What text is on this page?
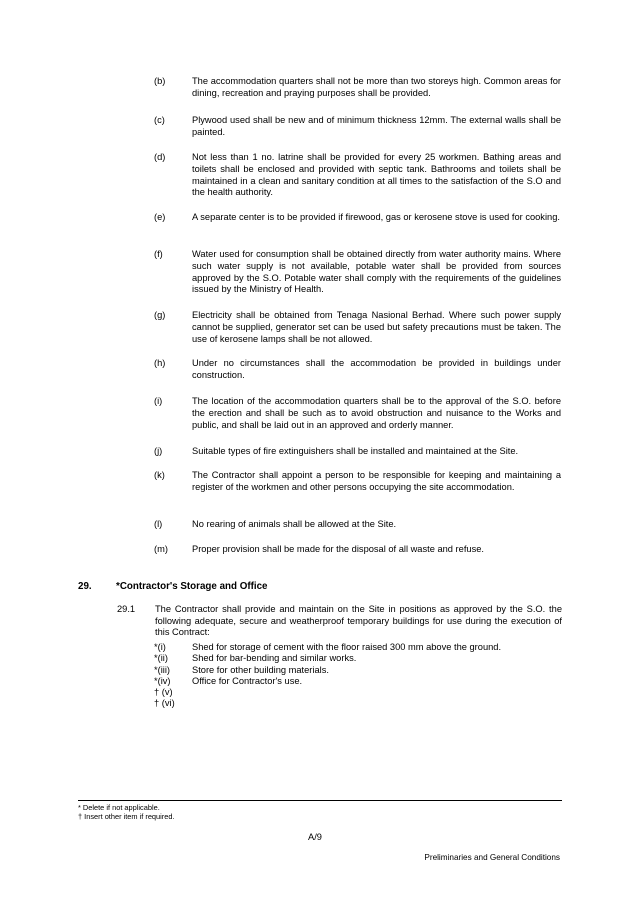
(b)	The accommodation quarters shall not be more than two storeys high. Common areas for dining, recreation and praying purposes shall be provided.
(c)	Plywood used shall be new and of minimum thickness 12mm. The external walls shall be painted.
(d)	Not less than 1 no. latrine shall be provided for every 25 workmen. Bathing areas and toilets shall be enclosed and provided with septic tank. Bathrooms and toilets shall be maintained in a clean and sanitary condition at all times to the satisfaction of the S.O and the health authority.
(e)	A separate center is to be provided if firewood, gas or kerosene stove is used for cooking.
(f)	Water used for consumption shall be obtained directly from water authority mains. Where such water supply is not available, potable water shall be provided from sources approved by the S.O. Potable water shall comply with the requirements of the guidelines issued by the Ministry of Health.
(g)	Electricity shall be obtained from Tenaga Nasional Berhad. Where such power supply cannot be supplied, generator set can be used but safety precautions must be taken. The use of kerosene lamps shall be not allowed.
(h)	Under no circumstances shall the accommodation be provided in buildings under construction.
(i)	The location of the accommodation quarters shall be to the approval of the S.O. before the erection and shall be such as to avoid obstruction and nuisance to the Works and public, and shall be laid out in an approved and orderly manner.
(j)	Suitable types of fire extinguishers shall be installed and maintained at the Site.
(k)	The Contractor shall appoint a person to be responsible for keeping and maintaining a register of the workmen and other persons occupying the site accommodation.
(l)	No rearing of animals shall be allowed at the Site.
(m)	Proper provision shall be made for the disposal of all waste and refuse.
29. *Contractor's Storage and Office
29.1 The Contractor shall provide and maintain on the Site in positions as approved by the S.O. the following adequate, secure and weatherproof temporary buildings for use during the execution of this Contract:
*(i)	Shed for storage of cement with the floor raised 300 mm above the ground.
*(ii)	Shed for bar-bending and similar works.
*(iii) Store for other building materials.
*(iv) Office for Contractor's use.
† (v)
† (vi)
* Delete if not applicable.
† Insert other item if required.
A/9
Preliminaries and General Conditions
